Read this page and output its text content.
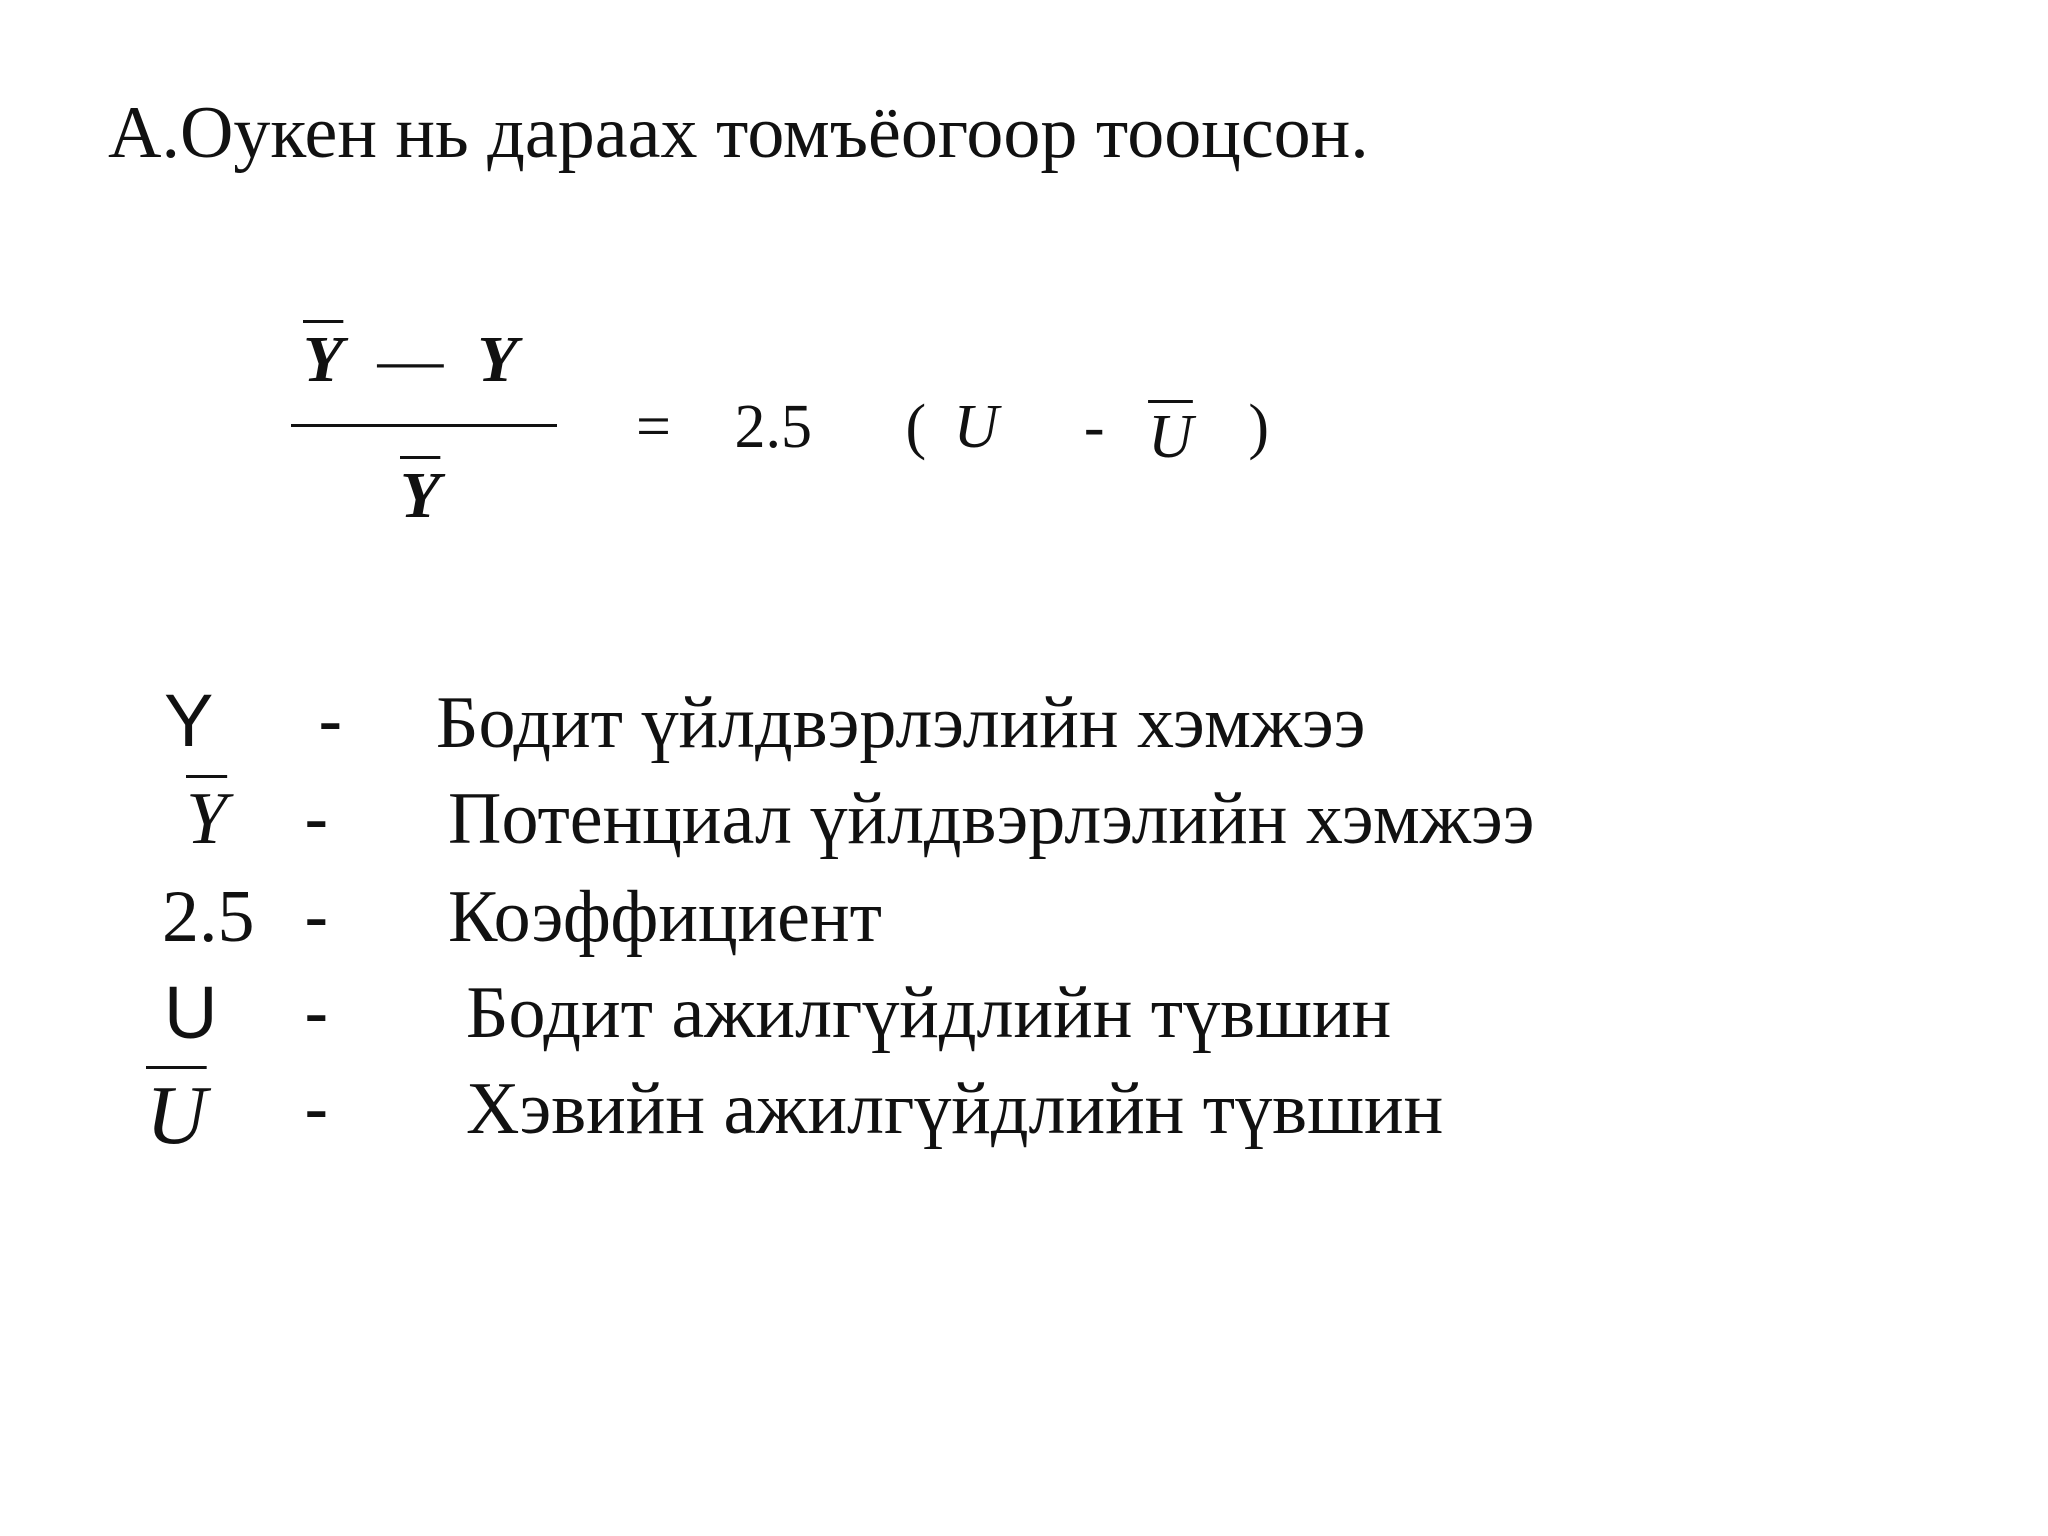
А.Оукен нь дараах томъёогоор тооцсон.
$\overline{Y}$ — Y
$\overline{Y}$
= 2.5 ( U - $\overline{U}$ )
Y - Бодит үйлдвэрлэлийн хэмжээ
$\overline{Y}$ - Потенциал үйлдвэрлэлийн хэмжээ
2.5 - Коэффициент
U - Бодит ажилгүйдлийн түвшин
$\overline{U}$ - Хэвийн ажилгүйдлийн түвшин
